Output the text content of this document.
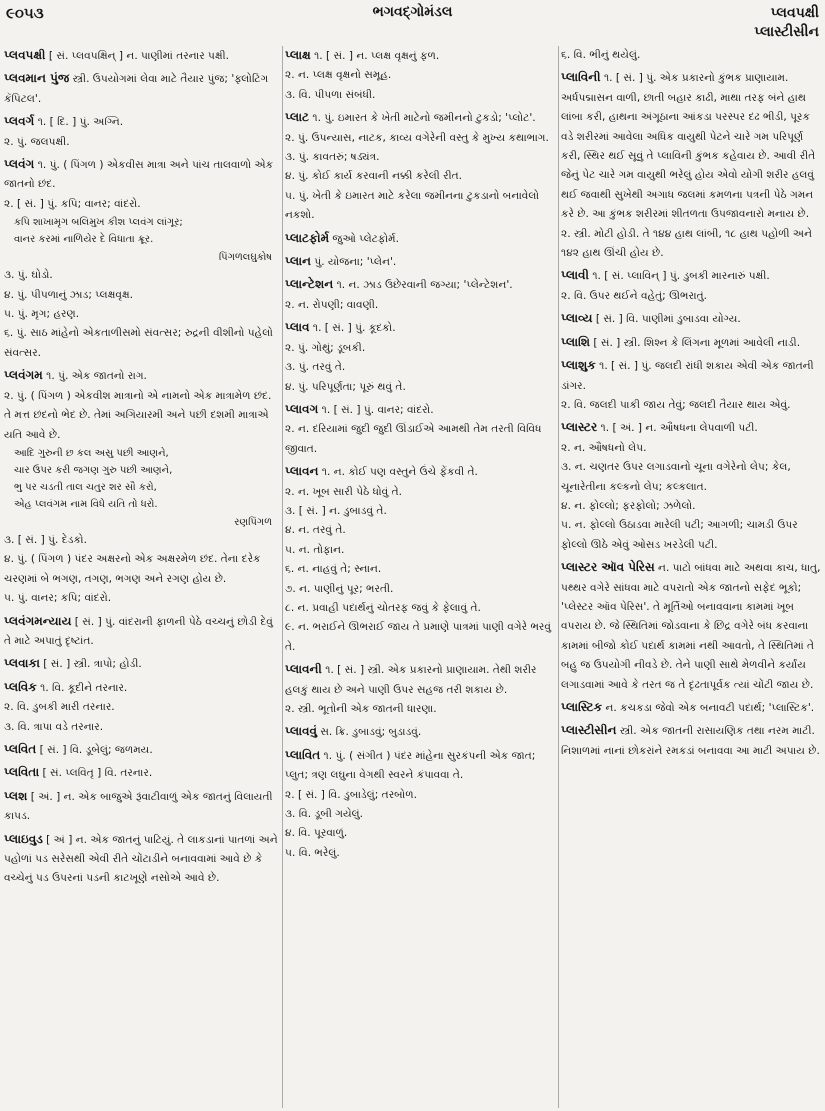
૯૦૫૩	ભગવદ્ગોમંડલ	પ્લવપક્ષી
પ્લાસ્ટીસીન

પ્લવપક્ષી [ સં. પ્લવપક્ષિન્ ] ન. પાણીમાં તરનાર પક્ષી.

પ્લવમાન પુંજ સ્ત્રી. ઉપયોગમાં લેવા માટે તૈયાર પુંજ; 'ફ્લોટિંગ કૅપિટલ'.

પ્લવર્ગ ૧. [ દિ. ] પું. અગ્નિ.

૨. પું. જલપક્ષી.

પ્લવંગ ૧. પું. ( પિંગળ ) એકવીસ માત્રા અને પાંચ તાલવાળો એક જાતનો છંદ.

૨. [ સં. ] પું. કપિ; વાનર; વાંદરો.

કપિ શાખામૃગ બલિમુખ કીશ પ્લવંગ લાંગૂર;
વાનર કરમાં નાળિયેર દે વિધાતા ક્રૂર.
પિંગળલઘુકોષ

૩. પું. ઘોડો.

૪. પું. પીપળાનું ઝાડ; પ્લક્ષવૃક્ષ.

૫. પું. મૃગ; હરણ.

૬. પું. સાઠ માંહેનો એકતાળીસમો સંવત્સર; રુદ્રની વીશીનો પહેલો સંવત્સર.

પ્લવંગમ ૧. પું. એક જાતનો રાગ.

૨. પું. ( પિંગળ ) એકવીશ માત્રાનો એ નામનો એક માત્રામેળ છંદ. તે મત્ત છંદનો ભેદ છે. તેમાં અગિયારમી અને પછી દશમી માત્રાએ યતિ આવે છે.

આદિ ગુરુની છ કલ અસુ પછી આણને,
ચાર ઉપર કરી જગણ ગુરુ પછી આણને,
ભુ પર ચડતી તાલ ચતુર શર સૌ કરો,
એહ પ્લવંગમ નામ વિધે યતિ તો ધરો.
રણપિંગળ

૩. [ સં. ] પું. દેડકો.

૪. પું. ( પિંગળ ) પંદર અક્ષરનો એક અક્ષરમેળ છંદ. તેના દરેક ચરણમાં બે ભગણ, તગણ, ભગણ અને રગણ હોય છે.

૫. પું. વાનર; કપિ; વાંદરો.

પ્લવંગમન્યાય [ સં. ] પું. વાંદરાની ફાળની પેઠે વચ્ચનું છોડી દેવું તે માટે અપાતું દૃષ્ટાંત.

પ્લવાકા [ સં. ] સ્ત્રી. ત્રાપો; હોડી.

પ્લવિક ૧. વિ. કૂદીને તરનાર.

૨. વિ. ડુબકી મારી તરનાર.

૩. વિ. ત્રાપા વડે તરનાર.

પ્લવિત [ સં. ] વિ. ડૂબેલું; જળમય.

પ્લવિતા [ સં. પ્લવિતૃ ] વિ. તરનાર.

પ્લશ [ અં. ] ન. એક બાજુએ રૂંવાટીવાળું એક જાતનું વિલાયતી કાપડ.

પ્લાઇવુડ [ અં ] ન. એક જાતનું પાટિયું. તે લાકડાનાં પાતળાં અને પહોળાં પડ સરેસથી એવી રીતે ચોંટાડીને બનાવવામાં આવે છે કે વચ્ચેનું પડ ઉપરનાં પડની કાટખૂણે નસોએ આવે છે.

પ્લાક્ષ ૧. [ સં. ] ન. પ્લક્ષ વૃક્ષનું ફળ.

૨. ન. પ્લક્ષ વૃક્ષનો સમૂહ.

૩. વિ. પીપળા સંબંધી.

પ્લાટ ૧. પું. ઇમારત કે ખેતી માટેનો જમીનનો ટુકડો; 'પ્લોટ'.

૨. પું. ઉપન્યાસ, નાટક, કાવ્ય વગેરેની વસ્તુ કે મુખ્ય કથાભાગ.

૩. પું. કાવતરું; ષડ્યંત્ર.

૪. પું. કોઈ કાર્ય કરવાની નક્કી કરેલી રીત.

૫. પું. ખેતી કે ઇમારત માટે કરેલા જમીનના ટુકડાનો બનાવેલો નકશો.

પ્લાટફોર્મ જુઓ પ્લેટફોર્મ.

પ્લાન પું. યોજના; 'પ્લેન'.

પ્લાન્ટેશન ૧. ન. ઝાડ ઉછેરવાની જગ્યા; 'પ્લેન્ટેશન'.

૨. ન. રોપણી; વાવણી.

પ્લાવ ૧. [ સં. ] પું. કૂદકો.

૨. પું. ગોથું; ડૂબકી.

૩. પું. તરવું તે.

૪. પું. પરિપૂર્ણતા; પૂરું થવું તે.

પ્લાવગ ૧. [ સં. ] પું. વાનર; વાંદરો.

૨. ન. દરિયામાં જુદી જુદી ઊંડાઈએ આમથી તેમ તરતી વિવિધ જીવાત.

પ્લાવન ૧. ન. કોઈ પણ વસ્તુને ઉંચે ફેંકવી તે.

૨. ન. ખૂબ સારી પેઠે ધોવું તે.

૩. [ સં. ] ન. ડુબાડવું તે.

૪. ન. તરવું તે.

૫. ન. તોફાન.

૬. ન. નાહવું તે; સ્નાન.

૭. ન. પાણીનું પૂર; ભરતી.

૮. ન. પ્રવાહી પદાર્થનું ચોતરફ જવું કે ફેલાવું તે.

૯. ન. ભરાઈને ઊભરાઈ જાય તે પ્રમાણે પાત્રમાં પાણી વગેરે ભરવું તે.

પ્લાવની ૧. [ સં. ] સ્ત્રી. એક પ્રકારનો પ્રાણાયામ. તેથી શરીર હલકું થાય છે અને પાણી ઉપર સહજ તરી શકાય છે.

૨. સ્ત્રી. ભૂતોની એક જાતની ધારણા.

પ્લાવવું સ. ક્રિ. ડુબાડવું; બુડાડવું.

પ્લાવિત ૧. પું. ( સંગીત ) પંદર માંહેના સુરકંપની એક જાત; પ્લુત; ત્રણ લઘુના વેગથી સ્વરને કંપાવવા તે.

૨. [ સં. ] વિ. ડુબાડેલું; તરબોળ.

૩. વિ. ડૂબી ગયેલું.

૪. વિ. પૂરવાળું.

૫. વિ. ભરેલું.

૬. વિ. ભીનું થયેલું.

પ્લાવિની ૧. [ સં. ] પું. એક પ્રકારનો કુંભક પ્રાણાયામ. અર્ધપદ્માસન વાળી, છાતી બહાર કાઢી, માથા તરફ બંને હાથ લાંબા કરી, હાથના અંગૂઠાના આંકડા પરસ્પર દઢ ભીડી, પૂરક વડે શરીરમાં આવેલા અધિક વાયુથી પેટને ચારે ગમ પરિપૂર્ણ કરી, સ્થિર થઈ સૂવું તે પ્લાવિની કુંભક કહેવાય છે. આવી રીતે જેનું પેટ ચારે ગમ વાયુથી ભરેલું હોય એવો યોગી શરીર હલવું થઈ જવાથી સુખેથી અગાધ જલમાં કમળના પત્રની પેઠે ગમન કરે છે. આ કુંભક શરીરમાં શીતળતા ઉપજાવનારો મનાય છે.

૨. સ્ત્રી. મોટી હોડી. તે ૧૪૪ હાથ લાંબી, ૧૮ હાથ પહોળી અને ૧૪૨ હાથ ઊંચી હોય છે.

પ્લાવી ૧. [ સં. પ્લાવિન્ ] પું. ડુબકી મારનારું પક્ષી.

૨. વિ. ઉપર થઈને વહેતું; ઊભરાતું.

પ્લાવ્ય [ સં. ] વિ. પાણીમાં ડુબાડવા યોગ્ય.

પ્લાશિ [ સં. ] સ્ત્રી. શિશ્ન કે લિંગના મૂળમાં આવેલી નાડી.

પ્લાશુક ૧. [ સં. ] પું. જલદી રાંધી શકાય એવી એક જાતની ડાંગર.

૨. વિ. જલદી પાકી જાય તેવું; જલદી તૈયાર થાય એવું.

પ્લાસ્ટર ૧. [ અં. ] ન. ઔષધના લેપવાળી પટી.

૨. ન. ઔષધનો લેપ.

૩. ન. ચણતર ઉપર લગાડવાનો ચૂના વગેરેનો લેપ; કેલ, ચૂનારેતીના કલ્કનો લેપ; કલ્કલાત.

૪. ન. ફોલ્લો; ફરફોલો; ઝળેલો.

૫. ન. ફોલ્લો ઉઠાડવા મારેલી પટી; આગળી; ચામડી ઉપર ફોલ્લો ઊઠે એવું ઓસડ ખરડેલી પટી.

પ્લાસ્ટર ઑવ પેરિસ ન. પાટો બાંધવા માટે અથવા કાચ, ધાતુ, પથ્થર વગેરે સાંધવા માટે વપરાતો એક જાતનો સફેદ ભૂકો; 'પ્લેસ્ટર ઑવ પેરિસ'. તે મૂર્તિઓ બનાવવાના કામમાં ખૂબ વપરાય છે. જે સ્થિતિમાં જોડવાના કે છિદ્ર વગેરે બંધ કરવાના કામમાં બીજો કોઈ પદાર્થ કામમાં નથી આવતો, તે સ્થિતિમાં તે બહુ જ ઉપયોગી નીવડે છે. તેને પાણી સાથે મેળવીને કર્યાંય લગાડવામાં આવે કે તરત જ તે દૃઢતાપૂર્વક ત્યાં ચોંટી જાય છે.

પ્લાસ્ટિક ન. કચકડા જેવો એક બનાવટી પદાર્થ; 'પ્લાસ્ટિક'.

પ્લાસ્ટીસીન સ્ત્રી. એક જાતની રાસાયણિક તથા નરમ માટી. નિશાળમાં નાનાં છોકરાંને રમકડાં બનાવવા આ માટી અપાય છે.
